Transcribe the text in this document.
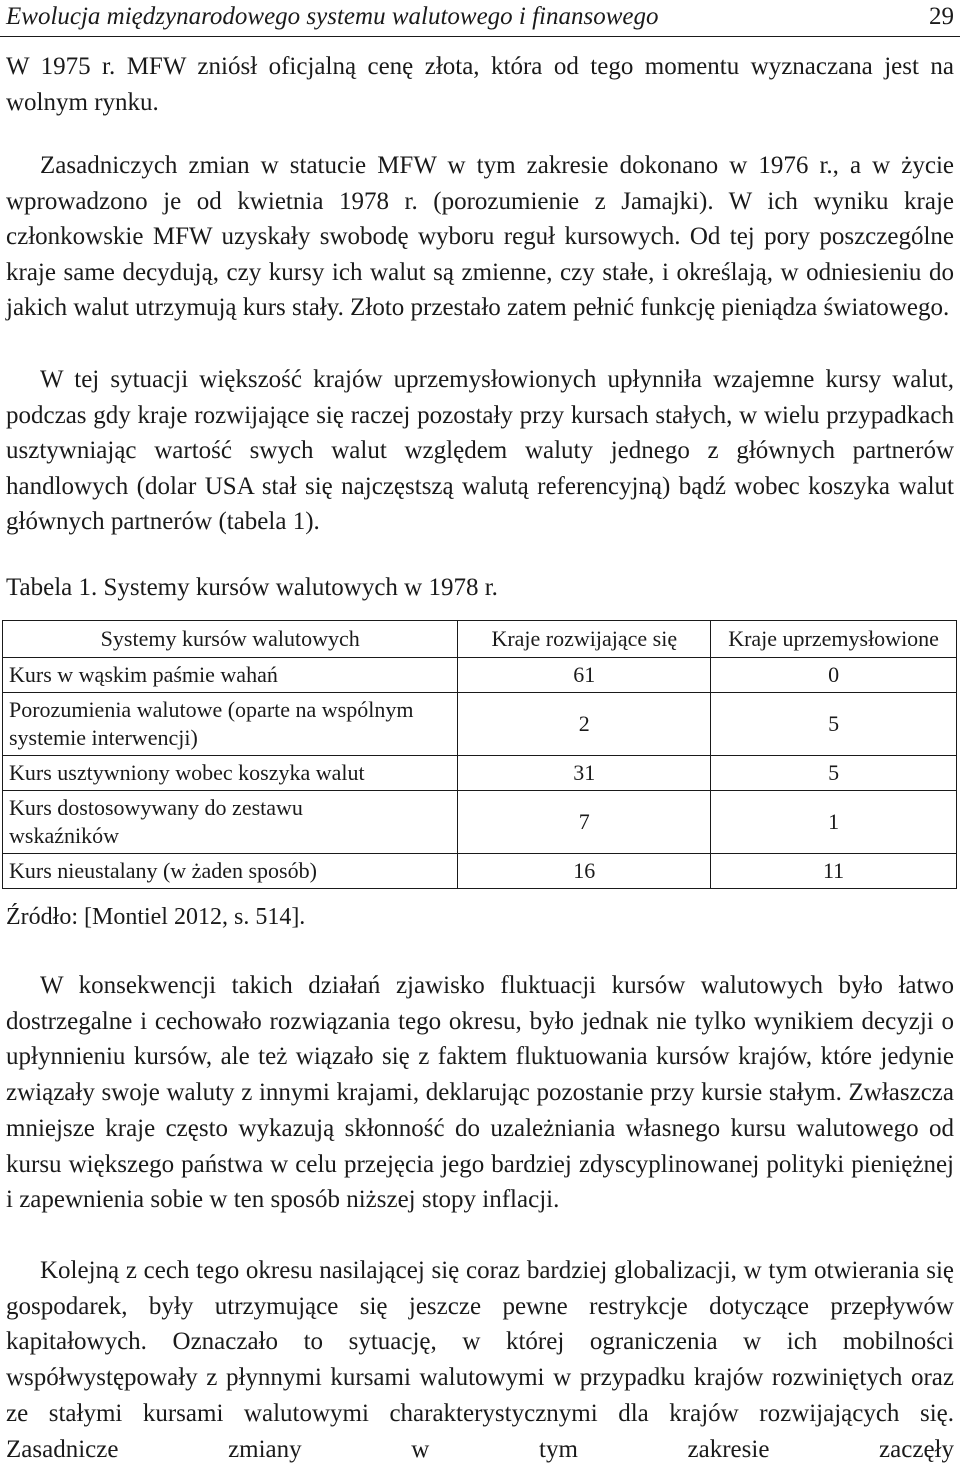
Ewolucja międzynarodowego systemu walutowego i finansowego	29

W 1975 r. MFW zniósł oficjalną cenę złota, która od tego momentu wyznaczana jest na wolnym rynku.

Zasadniczych zmian w statucie MFW w tym zakresie dokonano w 1976 r., a w życie wprowadzono je od kwietnia 1978 r. (porozumienie z Jamajki). W ich wyniku kraje członkowskie MFW uzyskały swobodę wyboru reguł kursowych. Od tej pory poszczególne kraje same decydują, czy kursy ich walut są zmienne, czy stałe, i określają, w odniesieniu do jakich walut utrzymują kurs stały. Złoto przestało zatem pełnić funkcję pieniądza światowego.

W tej sytuacji większość krajów uprzemysłowionych upłynniła wzajemne kursy walut, podczas gdy kraje rozwijające się raczej pozostały przy kursach stałych, w wielu przypadkach usztywniając wartość swych walut względem waluty jednego z głównych partnerów handlowych (dolar USA stał się najczęstszą walutą referencyjną) bądź wobec koszyka walut głównych partnerów (tabela 1).

Tabela 1. Systemy kursów walutowych w 1978 r.
Systemy kursów walutowych	Kraje rozwijające się	Kraje uprzemysłowione
Kurs w wąskim paśmie wahań	61	0
Porozumienia walutowe (oparte na wspólnym systemie interwencji)	2	5
Kurs usztywniony wobec koszyka walut	31	5
Kurs dostosowywany do zestawu wskaźników	7	1
Kurs nieustalany (w żaden sposób)	16	11
Źródło: [Montiel 2012, s. 514].

W konsekwencji takich działań zjawisko fluktuacji kursów walutowych było łatwo dostrzegalne i cechowało rozwiązania tego okresu, było jednak nie tylko wynikiem decyzji o upłynnieniu kursów, ale też wiązało się z faktem fluktuowania kursów krajów, które jedynie związały swoje waluty z innymi krajami, deklarując pozostanie przy kursie stałym. Zwłaszcza mniejsze kraje często wykazują skłonność do uzależniania własnego kursu walutowego od kursu większego państwa w celu przejęcia jego bardziej zdyscyplinowanej polityki pieniężnej i zapewnienia sobie w ten sposób niższej stopy inflacji.

Kolejną z cech tego okresu nasilającej się coraz bardziej globalizacji, w tym otwierania się gospodarek, były utrzymujące się jeszcze pewne restrykcje dotyczące przepływów kapitałowych. Oznaczało to sytuację, w której ograniczenia w ich mobilności współwystępowały z płynnymi kursami walutowymi w przypadku krajów rozwiniętych oraz ze stałymi kursami walutowymi charakterystycznymi dla krajów rozwijających się. Zasadnicze zmiany w tym zakresie zaczęły
